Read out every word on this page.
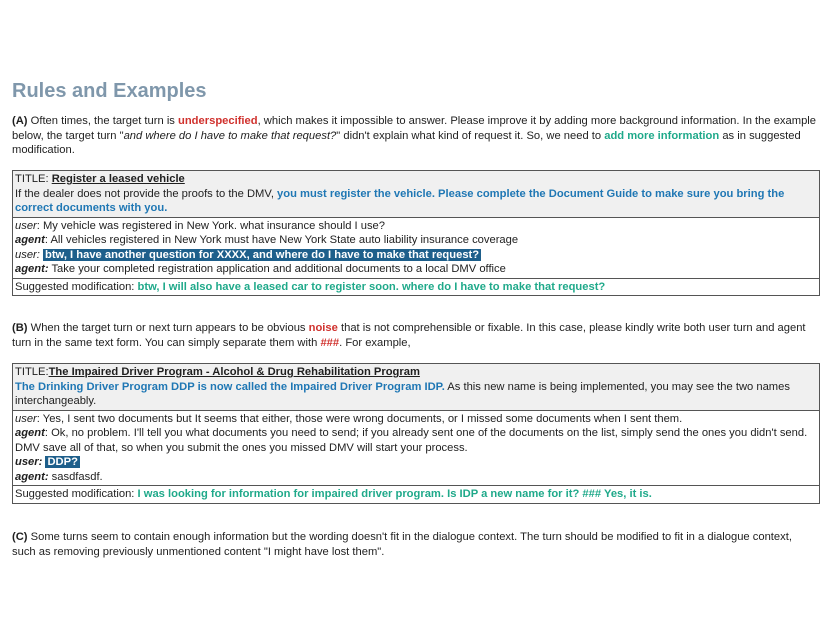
Rules and Examples
(A) Often times, the target turn is underspecified, which makes it impossible to answer. Please improve it by adding more background information. In the example below, the target turn "and where do I have to make that request?" didn't explain what kind of request it. So, we need to add more information as in suggested modification.
TITLE: Register a leased vehicle
If the dealer does not provide the proofs to the DMV, you must register the vehicle. Please complete the Document Guide to make sure you bring the correct documents with you.
user: My vehicle was registered in New York. what insurance should I use?
agent: All vehicles registered in New York must have New York State auto liability insurance coverage
user: btw, I have another question for XXXX, and where do I have to make that request?
agent: Take your completed registration application and additional documents to a local DMV office
Suggested modification: btw, I will also have a leased car to register soon. where do I have to make that request?
(B) When the target turn or next turn appears to be obvious noise that is not comprehensible or fixable. In this case, please kindly write both user turn and agent turn in the same text form. You can simply separate them with ###. For example,
TITLE:The Impaired Driver Program - Alcohol & Drug Rehabilitation Program
The Drinking Driver Program DDP is now called the Impaired Driver Program IDP. As this new name is being implemented, you may see the two names interchangeably.
user: Yes, I sent two documents but It seems that either, those were wrong documents, or I missed some documents when I sent them.
agent: Ok, no problem. I'll tell you what documents you need to send; if you already sent one of the documents on the list, simply send the ones you didn't send. DMV save all of that, so when you submit the ones you missed DMV will start your process.
user: DDP?
agent: sasdfasdf.
Suggested modification: I was looking for information for impaired driver program. Is IDP a new name for it? ### Yes, it is.
(C) Some turns seem to contain enough information but the wording doesn't fit in the dialogue context. The turn should be modified to fit in a dialogue context, such as removing previously unmentioned content "I might have lost them".
